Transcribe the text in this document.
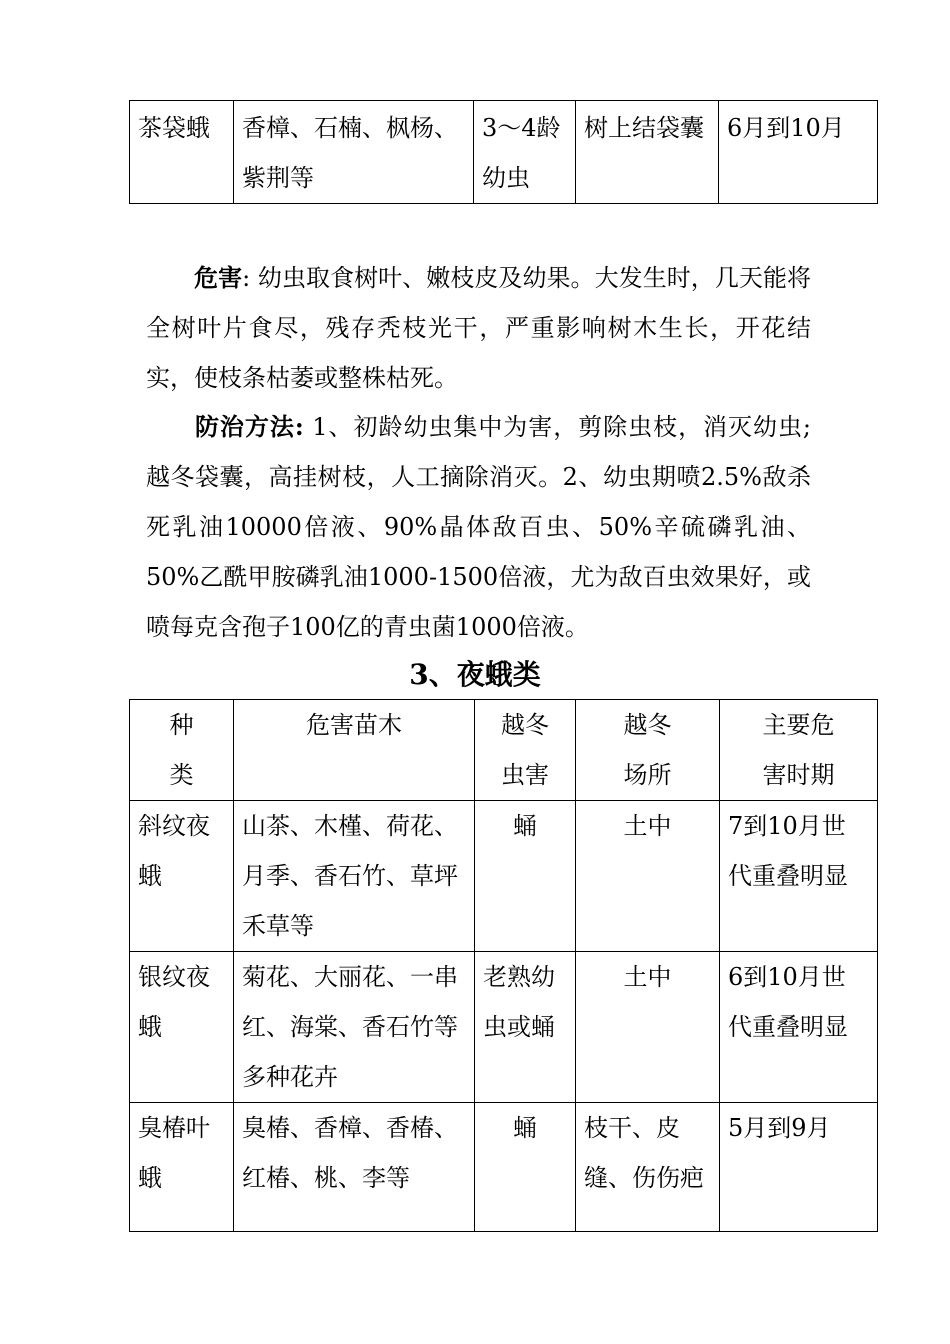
茶袋蛾	香樟、石楠、枫杨、紫荆等	3～4龄幼虫	树上结袋囊	6月到10月

危害: 幼虫取食树叶、嫩枝皮及幼果。大发生时，几天能将全树叶片食尽，残存秃枝光干，严重影响树木生长，开花结实，使枝条枯萎或整株枯死。

防治方法: 1、初龄幼虫集中为害，剪除虫枝，消灭幼虫; 越冬袋囊，高挂树枝，人工摘除消灭。2、幼虫期喷2.5%敌杀死乳油10000倍液、90%晶体敌百虫、50%辛硫磷乳油、50%乙酰甲胺磷乳油1000-1500倍液，尤为敌百虫效果好，或喷每克含孢子100亿的青虫菌1000倍液。

3、夜蛾类
种类	危害苗木	越冬虫害	越冬场所	主要危害时期
斜纹夜蛾	山茶、木槿、荷花、月季、香石竹、草坪禾草等	蛹	土中	7到10月世代重叠明显
银纹夜蛾	菊花、大丽花、一串红、海棠、香石竹等多种花卉	老熟幼虫或蛹	土中	6到10月世代重叠明显
臭椿叶蛾	臭椿、香樟、香椿、红椿、桃、李等	蛹	枝干、皮缝、伤伤疤	5月到9月
